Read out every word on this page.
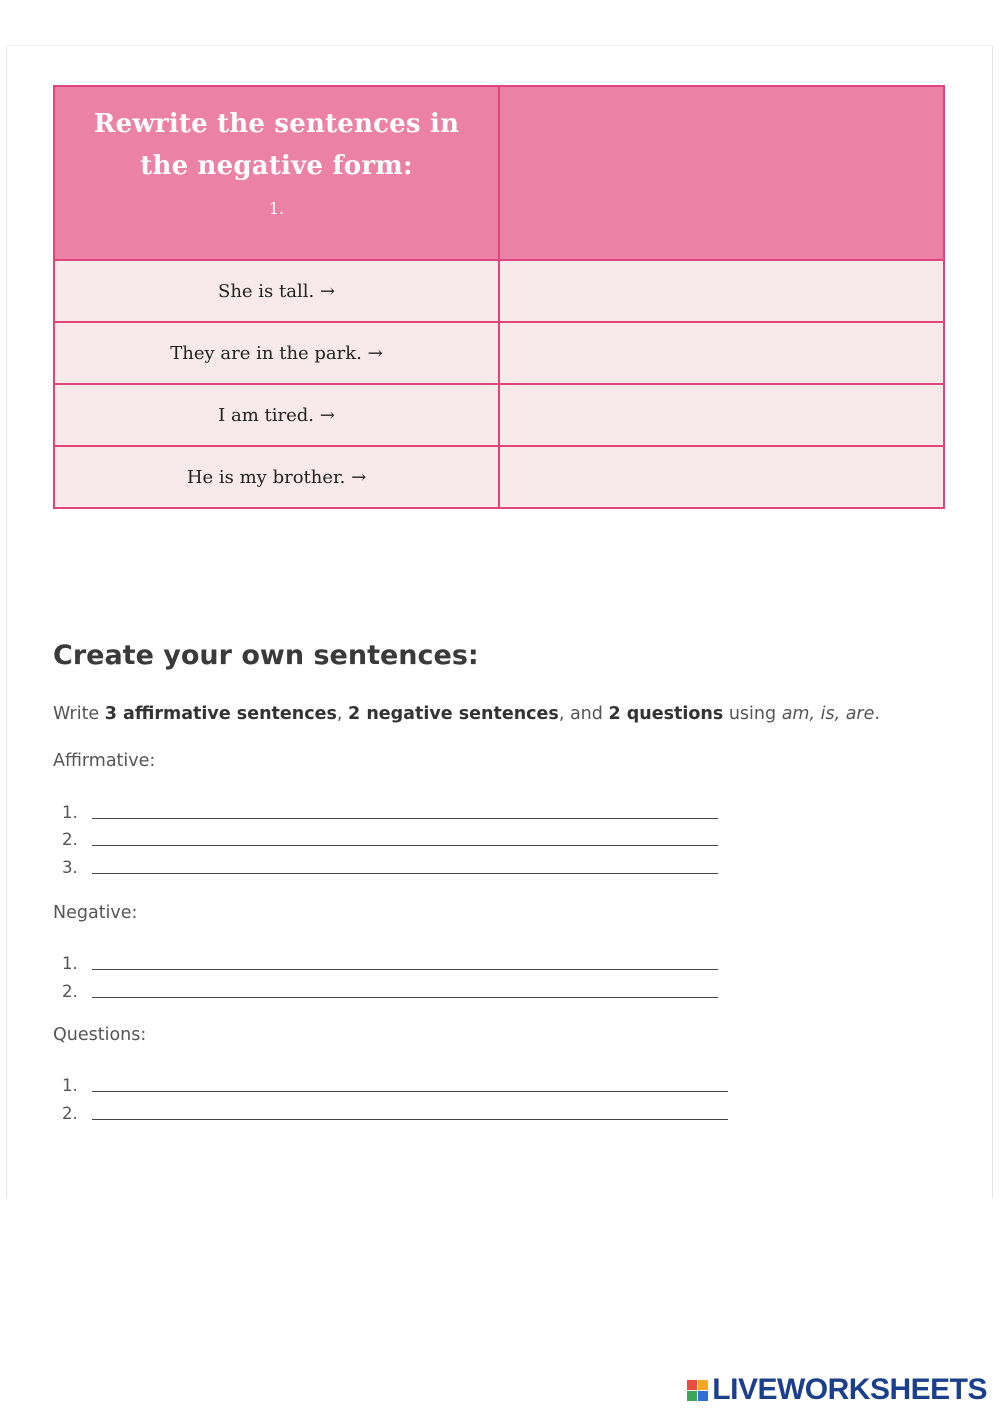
Rewrite the sentences in
the negative form:
1.	

She is tall. →	
They are in the park. →	
I am tired. →	
He is my brother. →	
Create your own sentences:

Write 3 affirmative sentences, 2 negative sentences, and 2 questions using am, is, are.

Affirmative:

1.
2.
3.

Negative:

1.
2.

Questions:

1.
2.
LIVEWORKSHEETS
